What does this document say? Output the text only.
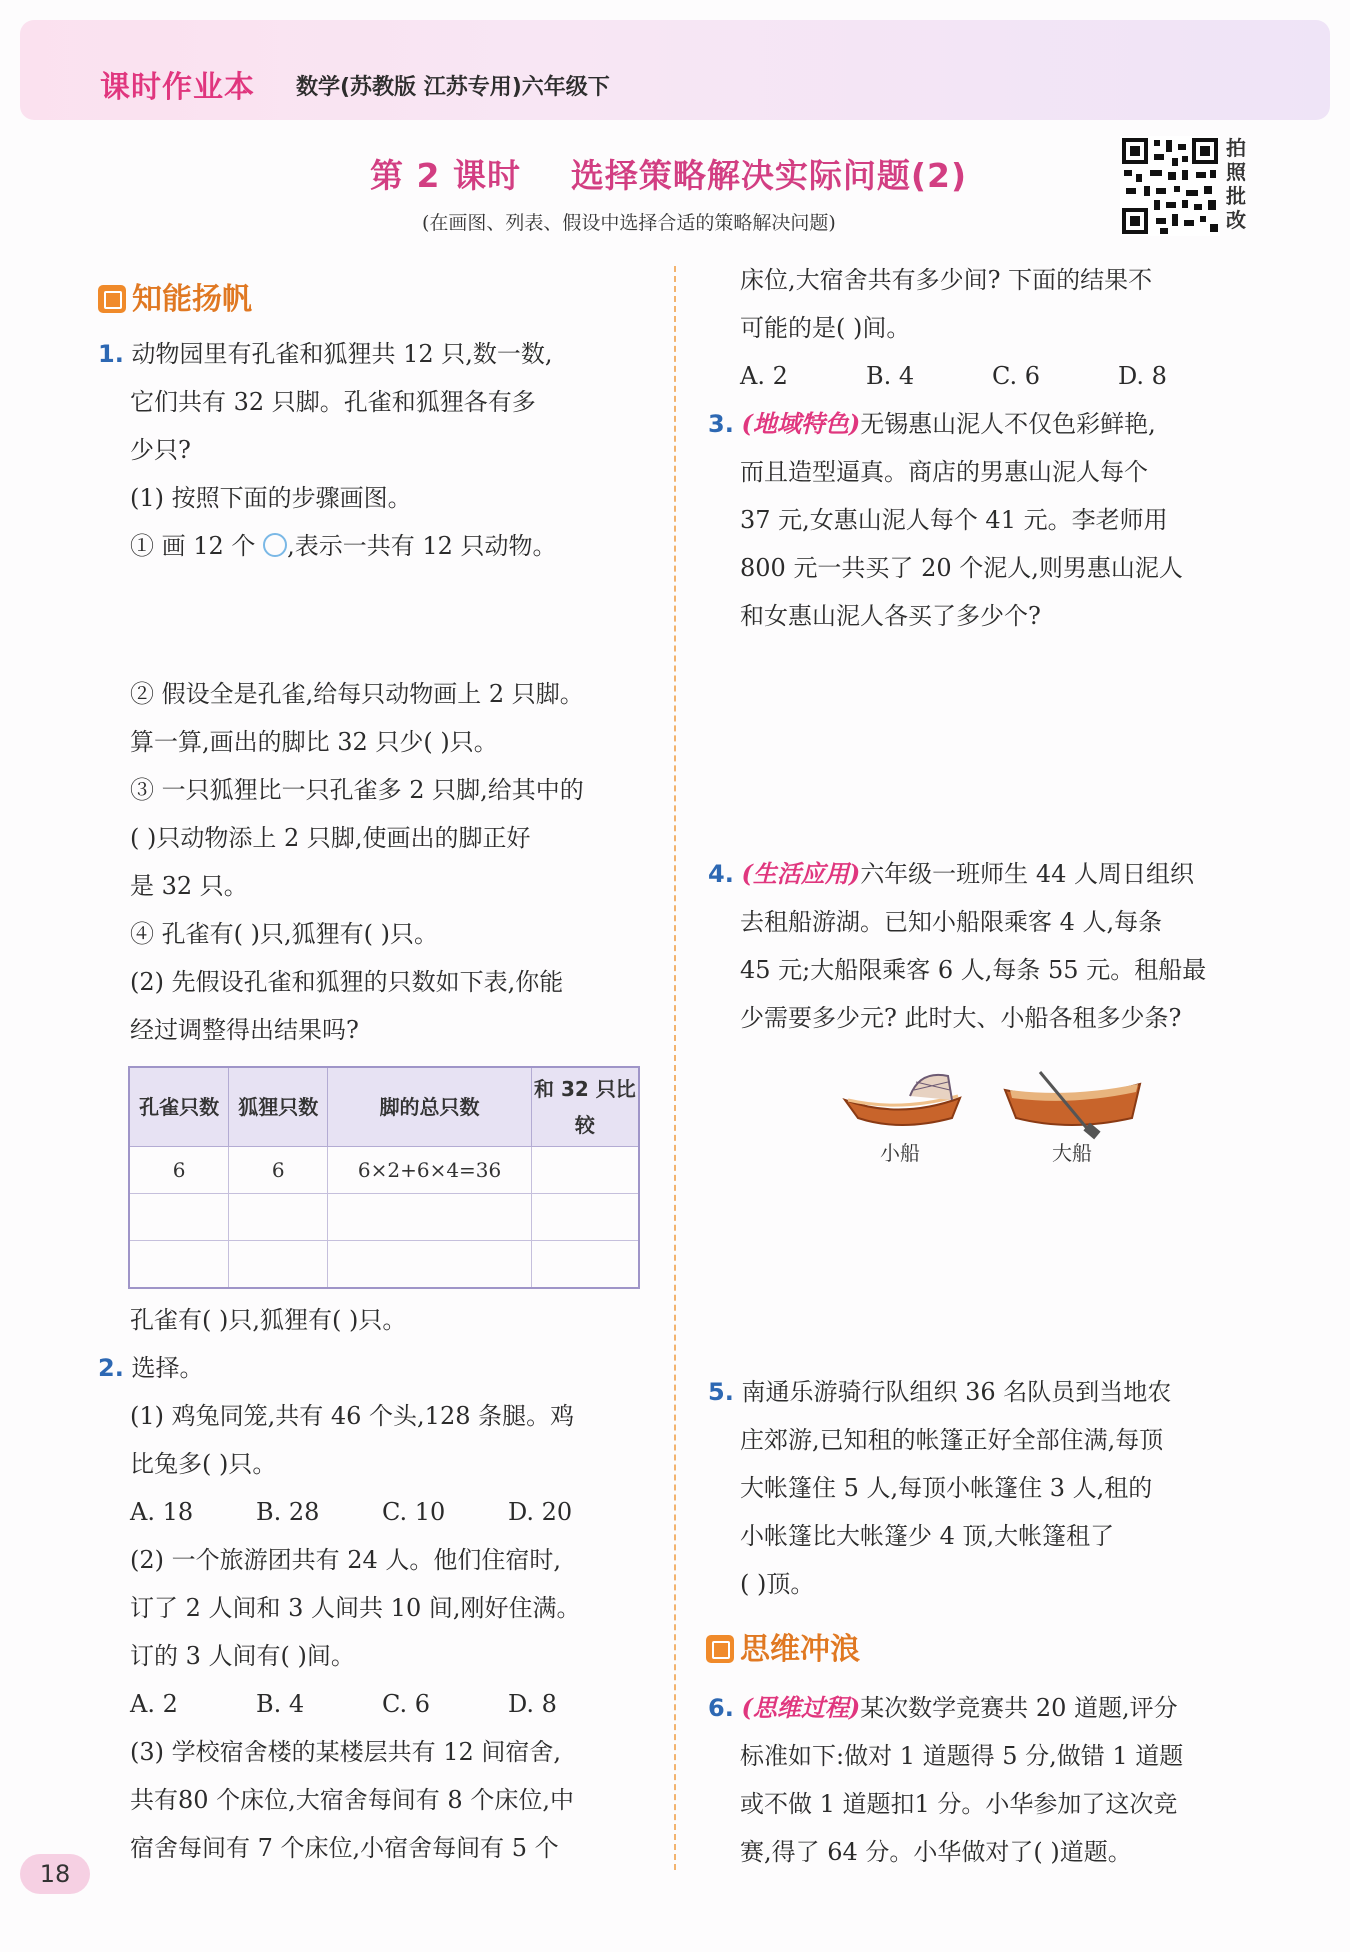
课时作业本 数学(苏教版 江苏专用)六年级下
第 2 课时    选择策略解决实际问题(2)
(在画图、列表、假设中选择合适的策略解决问题)
拍照批改
知能扬帆
1. 动物园里有孔雀和狐狸共 12 只,数一数,
它们共有 32 只脚。孔雀和狐狸各有多
少只?
(1) 按照下面的步骤画图。
① 画 12 个 ,表示一共有 12 只动物。
② 假设全是孔雀,给每只动物画上 2 只脚。
算一算,画出的脚比 32 只少( )只。
③ 一只狐狸比一只孔雀多 2 只脚,给其中的
( )只动物添上 2 只脚,使画出的脚正好
是 32 只。
④ 孔雀有( )只,狐狸有( )只。
(2) 先假设孔雀和狐狸的只数如下表,你能
经过调整得出结果吗?
孔雀只数	狐狸只数	脚的总只数	和 32 只比较
6	6	6×2+6×4=36	

孔雀有( )只,狐狸有( )只。
2. 选择。
(1) 鸡兔同笼,共有 46 个头,128 条腿。鸡
比兔多( )只。
A. 18	B. 28	C. 10	D. 20
(2) 一个旅游团共有 24 人。他们住宿时,
订了 2 人间和 3 人间共 10 间,刚好住满。
订的 3 人间有( )间。
A. 2	B. 4	C. 6	D. 8
(3) 学校宿舍楼的某楼层共有 12 间宿舍,
共有80 个床位,大宿舍每间有 8 个床位,中
宿舍每间有 7 个床位,小宿舍每间有 5 个
床位,大宿舍共有多少间? 下面的结果不
可能的是( )间。
A. 2	B. 4	C. 6	D. 8
3. (地域特色)无锡惠山泥人不仅色彩鲜艳,
而且造型逼真。商店的男惠山泥人每个
37 元,女惠山泥人每个 41 元。李老师用
800 元一共买了 20 个泥人,则男惠山泥人
和女惠山泥人各买了多少个?
4. (生活应用)六年级一班师生 44 人周日组织
去租船游湖。已知小船限乘客 4 人,每条
45 元;大船限乘客 6 人,每条 55 元。租船最
少需要多少元? 此时大、小船各租多少条?
小船	大船
5. 南通乐游骑行队组织 36 名队员到当地农
庄郊游,已知租的帐篷正好全部住满,每顶
大帐篷住 5 人,每顶小帐篷住 3 人,租的
小帐篷比大帐篷少 4 顶,大帐篷租了
( )顶。
思维冲浪
6. (思维过程)某次数学竞赛共 20 道题,评分
标准如下:做对 1 道题得 5 分,做错 1 道题
或不做 1 道题扣1 分。小华参加了这次竞
赛,得了 64 分。小华做对了( )道题。
18
